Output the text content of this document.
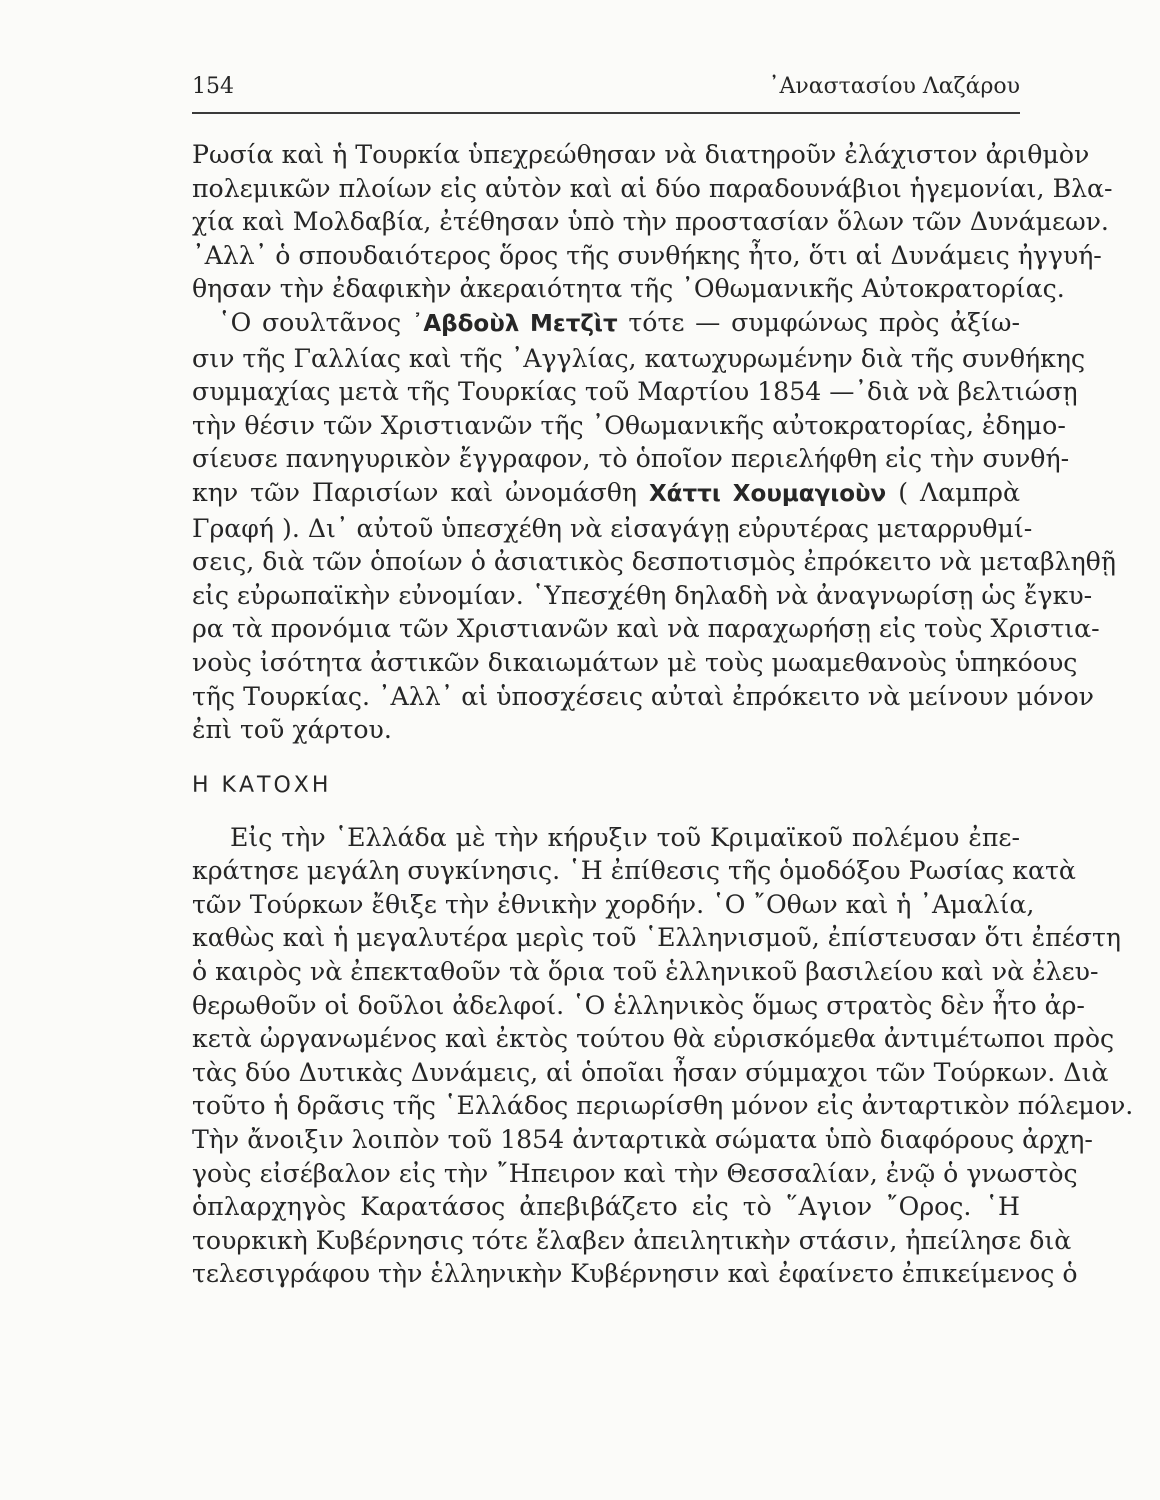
154	᾿Αναστασίου Λαζάρου
Ρωσία καὶ ἡ Τουρκία ὑπεχρεώθησαν νὰ διατηροῦν ἐλάχιστον ἀριθμὸν
πολεμικῶν πλοίων εἰς αὐτὸν καὶ αἱ δύο παραδουνάβιοι ἡγεμονίαι, Βλα-
χία καὶ Μολδαβία, ἐτέθησαν ὑπὸ τὴν προστασίαν ὅλων τῶν Δυνάμεων.
᾿Αλλ᾿ ὁ σπουδαιότερος ὅρος τῆς συνθήκης ἦτο, ὅτι αἱ Δυνάμεις ἠγγυή-
θησαν τὴν ἐδαφικὴν ἀκεραιότητα τῆς ᾿Οθωμανικῆς Αὐτοκρατορίας.
῾Ο σουλτᾶνος ᾿Αβδοὺλ Μετζὶτ τότε — συμφώνως πρὸς ἀξίω-
σιν τῆς Γαλλίας καὶ τῆς ᾿Αγγλίας, κατωχυρωμένην διὰ τῆς συνθήκης
συμμαχίας μετὰ τῆς Τουρκίας τοῦ Μαρτίου 1854 —᾿διὰ νὰ βελτιώσῃ
τὴν θέσιν τῶν Χριστιανῶν τῆς ᾿Οθωμανικῆς αὐτοκρατορίας, ἐδημο-
σίευσε πανηγυρικὸν ἔγγραφον, τὸ ὁποῖον περιελήφθη εἰς τὴν συνθή-
κην τῶν Παρισίων καὶ ὠνομάσθη Χάττι Χουμαγιοὺν ( Λαμπρὰ
Γραφή ). Δι᾿ αὐτοῦ ὑπεσχέθη νὰ εἰσαγάγῃ εὐρυτέρας μεταρρυθμί-
σεις, διὰ τῶν ὁποίων ὁ ἀσιατικὸς δεσποτισμὸς ἐπρόκειτο νὰ μεταβληθῇ
εἰς εὐρωπαϊκὴν εὐνομίαν. ῾Υπεσχέθη δηλαδὴ νὰ ἀναγνωρίσῃ ὡς ἔγκυ-
ρα τὰ προνόμια τῶν Χριστιανῶν καὶ νὰ παραχωρήσῃ εἰς τοὺς Χριστια-
νοὺς ἰσότητα ἀστικῶν δικαιωμάτων μὲ τοὺς μωαμεθανοὺς ὑπηκόους
τῆς Τουρκίας. ᾿Αλλ᾿ αἱ ὑποσχέσεις αὐταὶ ἐπρόκειτο νὰ μείνουν μόνον
ἐπὶ τοῦ χάρτου.
Η ΚΑΤΟΧΗ
Εἰς τὴν ῾Ελλάδα μὲ τὴν κήρυξιν τοῦ Κριμαϊκοῦ πολέμου ἐπε-
κράτησε μεγάλη συγκίνησις. ῾Η ἐπίθεσις τῆς ὁμοδόξου Ρωσίας κατὰ
τῶν Τούρκων ἔθιξε τὴν ἐθνικὴν χορδήν. ῾Ο ῎Οθων καὶ ἡ ᾿Αμαλία,
καθὼς καὶ ἡ μεγαλυτέρα μερὶς τοῦ ῾Ελληνισμοῦ, ἐπίστευσαν ὅτι ἐπέστη
ὁ καιρὸς νὰ ἐπεκταθοῦν τὰ ὅρια τοῦ ἑλληνικοῦ βασιλείου καὶ νὰ ἐλευ-
θερωθοῦν οἱ δοῦλοι ἀδελφοί. ῾Ο ἑλληνικὸς ὅμως στρατὸς δὲν ἦτο ἀρ-
κετὰ ὠργανωμένος καὶ ἐκτὸς τούτου θὰ εὑρισκόμεθα ἀντιμέτωποι πρὸς
τὰς δύο Δυτικὰς Δυνάμεις, αἱ ὁποῖαι ἦσαν σύμμαχοι τῶν Τούρκων. Διὰ
τοῦτο ἡ δρᾶσις τῆς ῾Ελλάδος περιωρίσθη μόνον εἰς ἀνταρτικὸν πόλεμον.
Τὴν ἄνοιξιν λοιπὸν τοῦ 1854 ἀνταρτικὰ σώματα ὑπὸ διαφόρους ἀρχη-
γοὺς εἰσέβαλον εἰς τὴν ῎Ηπειρον καὶ τὴν Θεσσαλίαν, ἐνῷ ὁ γνωστὸς
ὁπλαρχηγὸς Καρατάσος ἀπεβιβάζετο εἰς τὸ ῞Αγιον ῎Ορος. ῾Η
τουρκικὴ Κυβέρνησις τότε ἔλαβεν ἀπειλητικὴν στάσιν, ἠπείλησε διὰ
τελεσιγράφου τὴν ἑλληνικὴν Κυβέρνησιν καὶ ἐφαίνετο ἐπικείμενος ὁ
